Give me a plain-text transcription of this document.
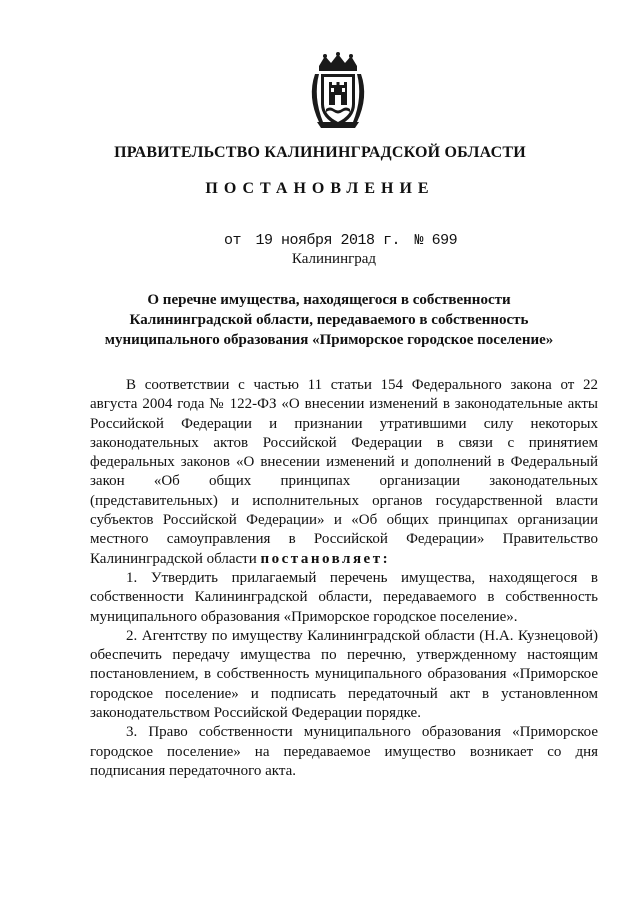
ПРАВИТЕЛЬСТВО КАЛИНИНГРАДСКОЙ ОБЛАСТИ
ПОСТАНОВЛЕНИЕ
от 19 ноября 2018 г. № 699
Калининград
О перечне имущества, находящегося в собственности
Калининградской области, передаваемого в собственность
муниципального образования «Приморское городское поселение»

В соответствии с частью 11 статьи 154 Федерального закона от 22 августа 2004 года № 122-ФЗ «О внесении изменений в законодательные акты Российской Федерации и признании утратившими силу некоторых законодательных актов Российской Федерации в связи с принятием федеральных законов «О внесении изменений и дополнений в Федеральный закон «Об общих принципах организации законодательных (представительных) и исполнительных органов государственной власти субъектов Российской Федерации» и «Об общих принципах организации местного самоуправления в Российской Федерации» Правительство Калининградской области постановляет:

1. Утвердить прилагаемый перечень имущества, находящегося в собственности Калининградской области, передаваемого в собственность муниципального образования «Приморское городское поселение».

2. Агентству по имуществу Калининградской области (Н.А. Кузнецовой) обеспечить передачу имущества по перечню, утвержденному настоящим постановлением, в собственность муниципального образования «Приморское городское поселение» и подписать передаточный акт в установленном законодательством Российской Федерации порядке.

3. Право собственности муниципального образования «Приморское городское поселение» на передаваемое имущество возникает со дня подписания передаточного акта.
